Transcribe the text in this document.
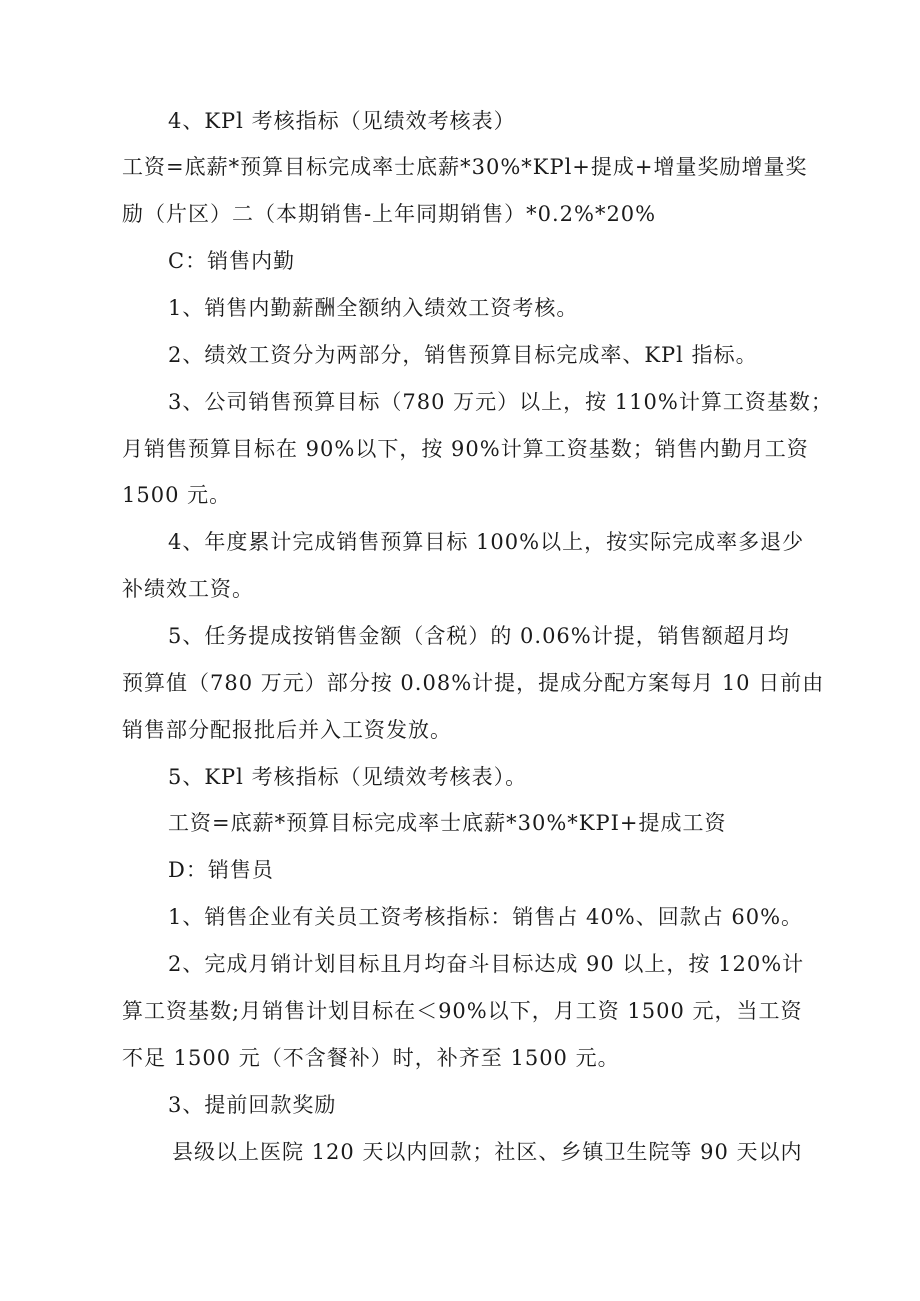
4、KPl 考核指标（见绩效考核表）
工资=底薪*预算目标完成率士底薪*30%*KPl+提成+增量奖励增量奖
励（片区）二（本期销售-上年同期销售）*0.2%*20%
C：销售内勤
1、销售内勤薪酬全额纳入绩效工资考核。
2、绩效工资分为两部分，销售预算目标完成率、KPl 指标。
3、公司销售预算目标（780 万元）以上，按 110%计算工资基数；
月销售预算目标在 90%以下，按 90%计算工资基数；销售内勤月工资
1500 元。
4、年度累计完成销售预算目标 100%以上，按实际完成率多退少
补绩效工资。
5、任务提成按销售金额（含税）的 0.06%计提，销售额超月均
预算值（780 万元）部分按 0.08%计提，提成分配方案每月 10 日前由
销售部分配报批后并入工资发放。
5、KPl 考核指标（见绩效考核表）。
工资=底薪*预算目标完成率士底薪*30%*KPI+提成工资
D：销售员
1、销售企业有关员工资考核指标：销售占 40%、回款占 60%。
2、完成月销计划目标且月均奋斗目标达成 90 以上，按 120%计
算工资基数;月销售计划目标在＜90%以下，月工资 1500 元，当工资
不足 1500 元（不含餐补）时，补齐至 1500 元。
3、提前回款奖励
县级以上医院 120 天以内回款；社区、乡镇卫生院等 90 天以内
